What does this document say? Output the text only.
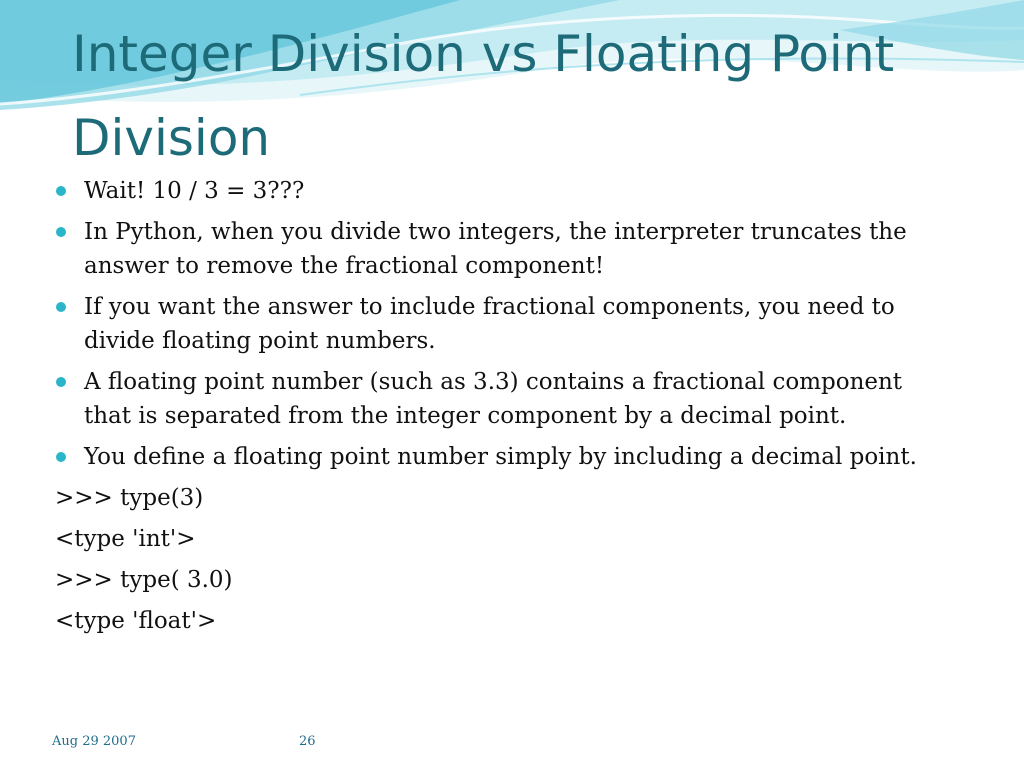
Integer Division vs Floating Point Division
Wait! 10 / 3 = 3???
In Python, when you divide two integers, the interpreter truncates the answer to remove the fractional component!
If you want the answer to include fractional components, you need to divide floating point numbers.
A floating point number (such as 3.3) contains a fractional component that is separated from the integer component by a decimal point.
You define a floating point number simply by including a decimal point.

>>> type(3)

<type 'int'>

>>> type( 3.0)

<type 'float'>

Aug 29 2007	26
